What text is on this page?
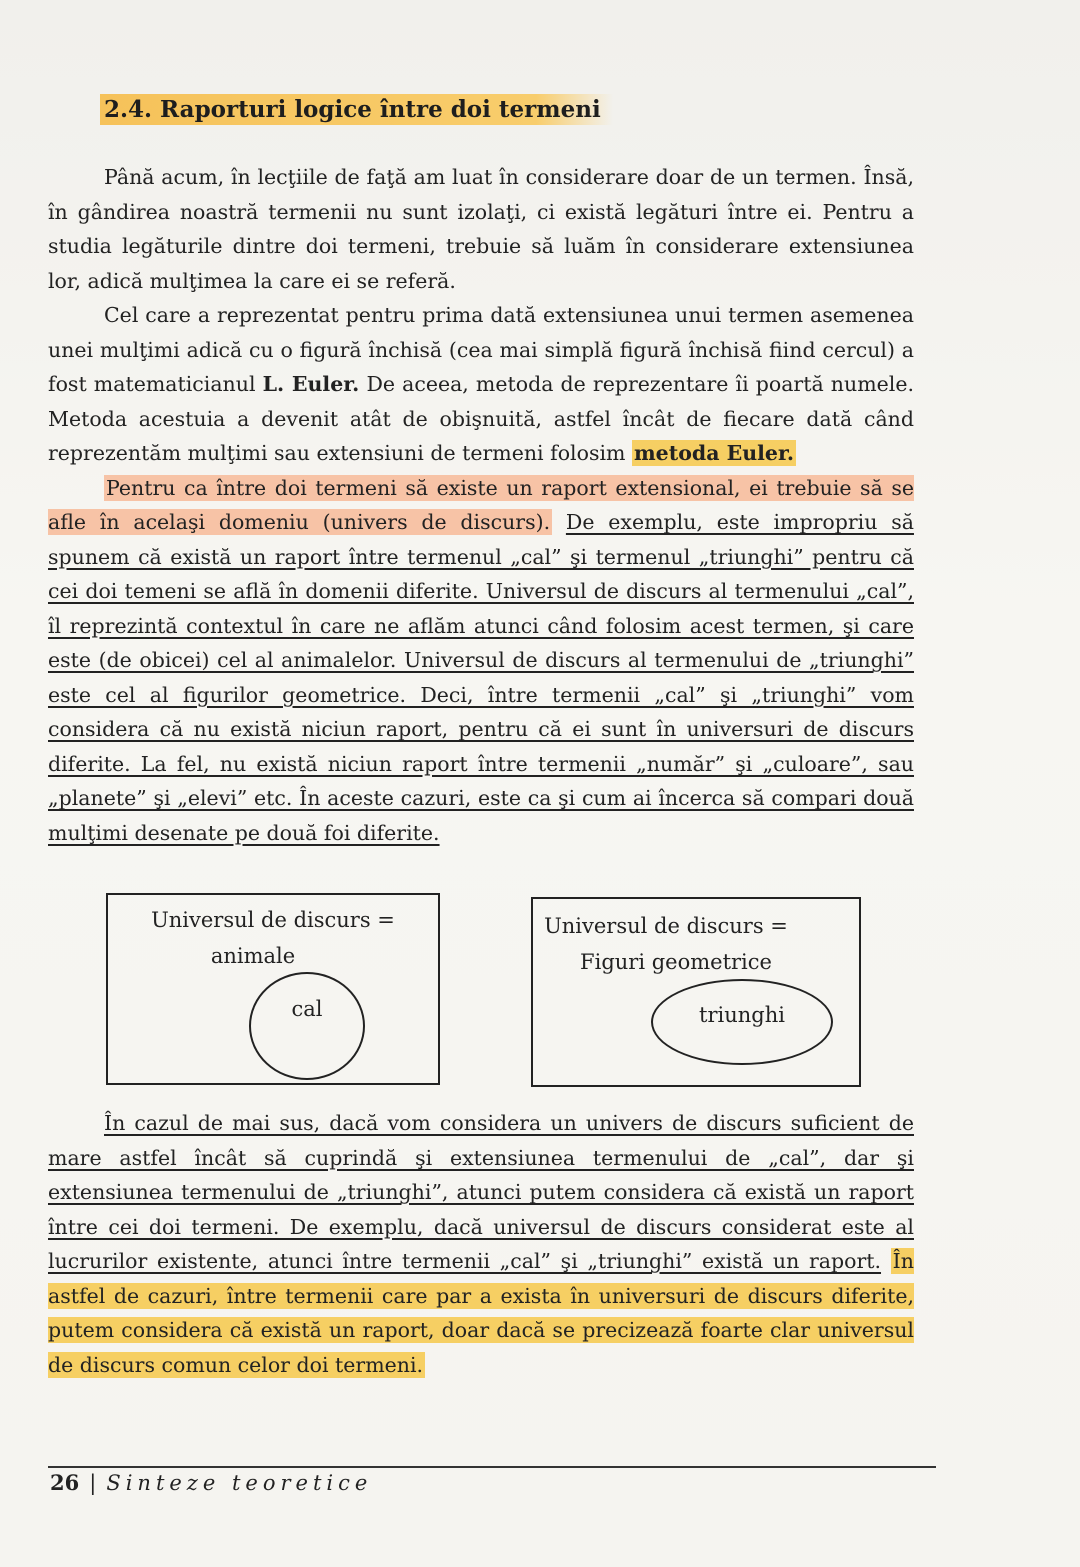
2.4. Raporturi logice între doi termeni

Până acum, în lecţiile de faţă am luat în considerare doar de un termen. Însă, în gândirea noastră termenii nu sunt izolaţi, ci există legături între ei. Pentru a studia legăturile dintre doi termeni, trebuie să luăm în considerare extensiunea lor, adică mulţimea la care ei se referă.

Cel care a reprezentat pentru prima dată extensiunea unui termen asemenea unei mulţimi adică cu o figură închisă (cea mai simplă figură închisă fiind cercul) a fost matematicianul L. Euler. De aceea, metoda de reprezentare îi poartă numele. Metoda acestuia a devenit atât de obişnuită, astfel încât de fiecare dată când reprezentăm mulţimi sau extensiuni de termeni folosim metoda Euler.

Pentru ca între doi termeni să existe un raport extensional, ei trebuie să se afle în acelaşi domeniu (univers de discurs). De exemplu, este impropriu să spunem că există un raport între termenul „cal” şi termenul „triunghi” pentru că cei doi temeni se află în domenii diferite. Universul de discurs al termenului „cal”, îl reprezintă contextul în care ne aflăm atunci când folosim acest termen, şi care este (de obicei) cel al animalelor. Universul de discurs al termenului de „triunghi” este cel al figurilor geometrice. Deci, între termenii „cal” şi „triunghi” vom considera că nu există niciun raport, pentru că ei sunt în universuri de discurs diferite. La fel, nu există niciun raport între termenii „număr” şi „culoare”, sau „planete” şi „elevi” etc. În aceste cazuri, este ca şi cum ai încerca să compari două mulţimi desenate pe două foi diferite.

Universul de discurs =
animale
cal
Universul de discurs =
Figuri geometrice
triunghi

În cazul de mai sus, dacă vom considera un univers de discurs suficient de mare astfel încât să cuprindă şi extensiunea termenului de „cal”, dar şi extensiunea termenului de „triunghi”, atunci putem considera că există un raport între cei doi termeni. De exemplu, dacă universul de discurs considerat este al lucrurilor existente, atunci între termenii „cal” şi „triunghi” există un raport. În astfel de cazuri, între termenii care par a exista în universuri de discurs diferite, putem considera că există un raport, doar dacă se precizează foarte clar universul de discurs comun celor doi termeni.

26 | Sinteze teoretice
